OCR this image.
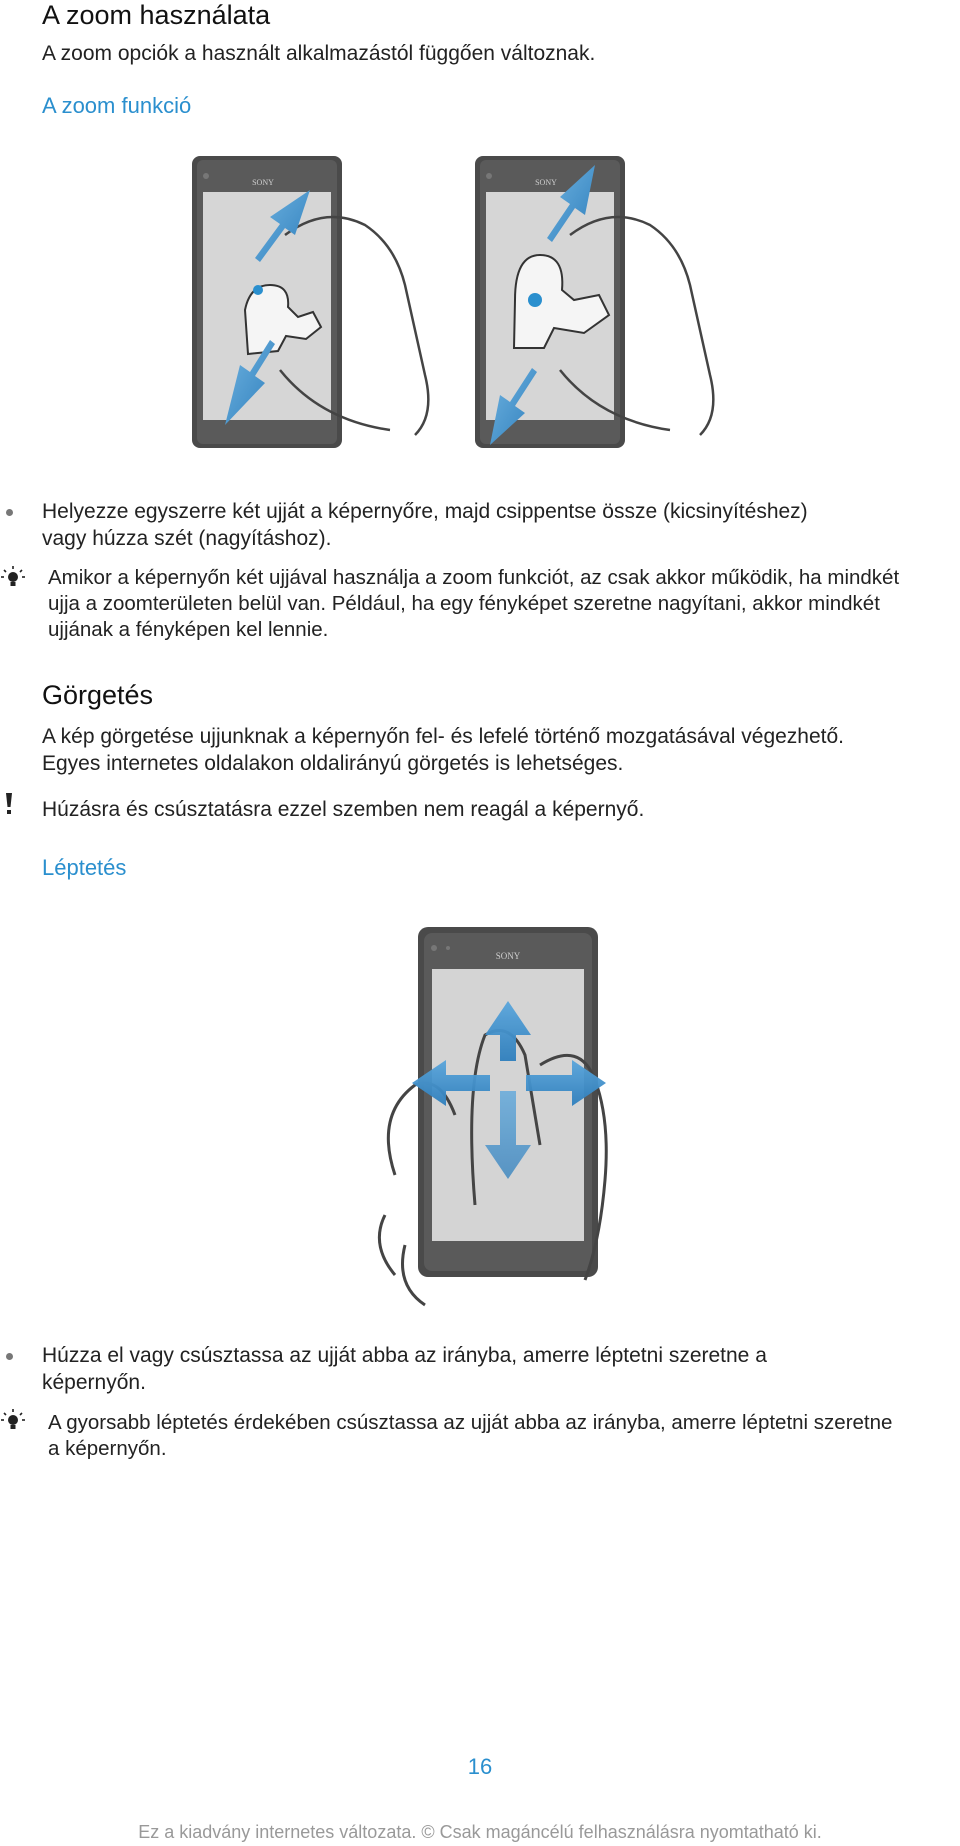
A zoom használata
A zoom opciók a használt alkalmazástól függően változnak.
A zoom funkció
SONY	SONY
Helyezze egyszerre két ujját a képernyőre, majd csippentse össze (kicsinyítéshez)
vagy húzza szét (nagyításhoz).
Amikor a képernyőn két ujjával használja a zoom funkciót, az csak akkor működik, ha mindkét
ujja a zoomterületen belül van. Például, ha egy fényképet szeretne nagyítani, akkor mindkét
ujjának a fényképen kel lennie.
Görgetés
A kép görgetése ujjunknak a képernyőn fel- és lefelé történő mozgatásával végezhető.
Egyes internetes oldalakon oldalirányú görgetés is lehetséges.
Húzásra és csúsztatásra ezzel szemben nem reagál a képernyő.
Léptetés
SONY
Húzza el vagy csúsztassa az ujját abba az irányba, amerre léptetni szeretne a
képernyőn.
A gyorsabb léptetés érdekében csúsztassa az ujját abba az irányba, amerre léptetni szeretne
a képernyőn.
16
Ez a kiadvány internetes változata. © Csak magáncélú felhasználásra nyomtatható ki.
